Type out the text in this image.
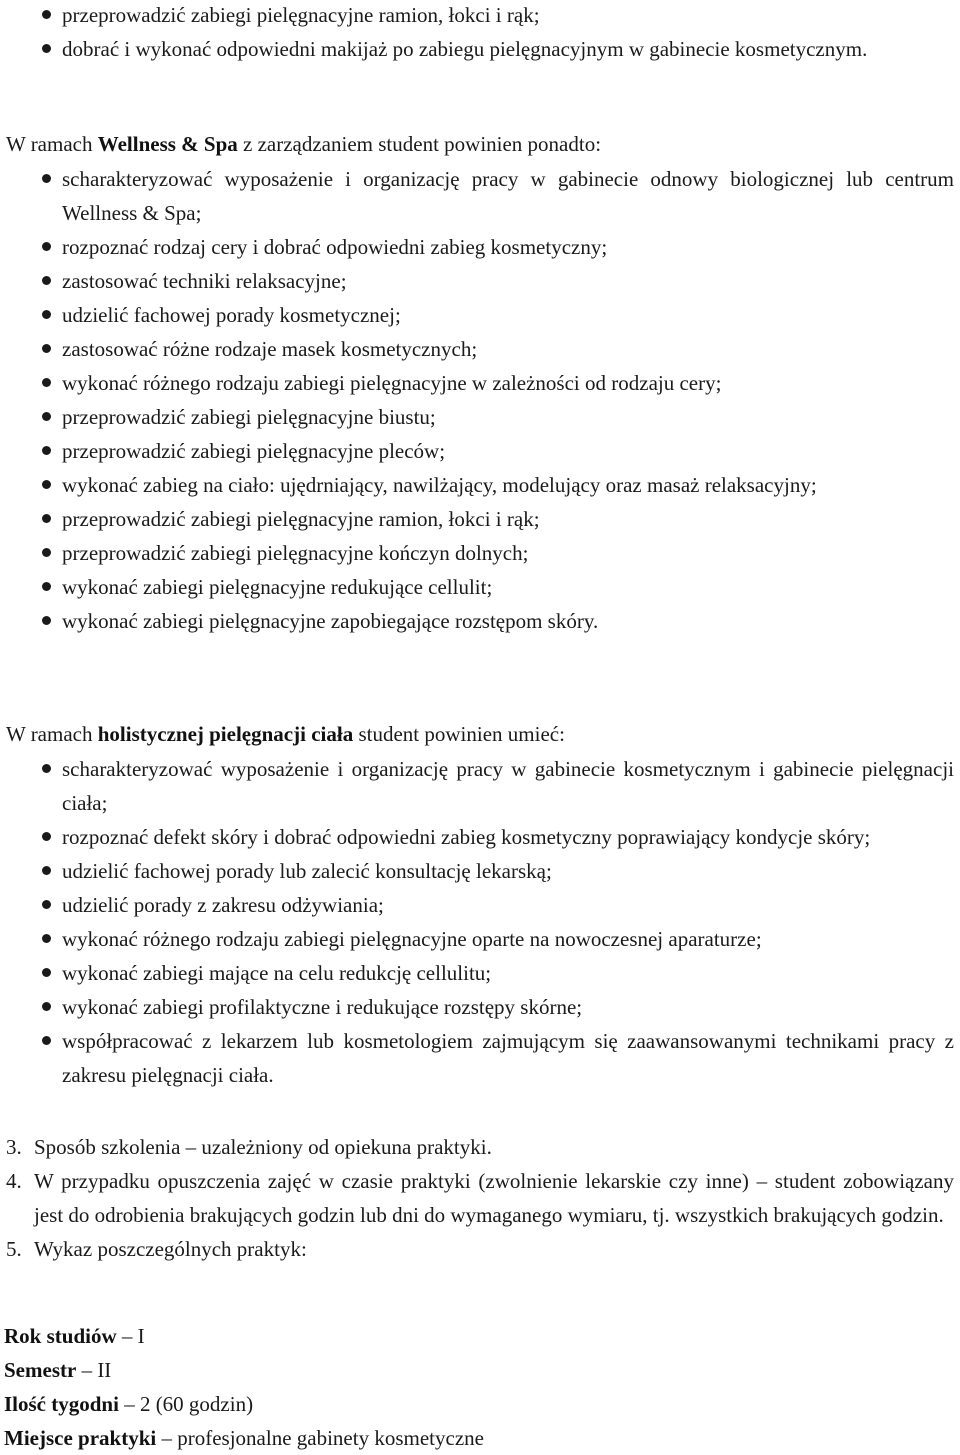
przeprowadzić zabiegi pielęgnacyjne ramion, łokci i rąk;
dobrać i wykonać odpowiedni makijaż po zabiegu pielęgnacyjnym w gabinecie kosmetycznym.
W ramach Wellness & Spa z zarządzaniem student powinien ponadto:
scharakteryzować wyposażenie i organizację pracy w gabinecie odnowy biologicznej lub centrum Wellness & Spa;
rozpoznać rodzaj cery i dobrać odpowiedni zabieg kosmetyczny;
zastosować techniki relaksacyjne;
udzielić fachowej porady kosmetycznej;
zastosować różne rodzaje masek kosmetycznych;
wykonać różnego rodzaju zabiegi pielęgnacyjne w zależności od rodzaju cery;
przeprowadzić zabiegi pielęgnacyjne biustu;
przeprowadzić zabiegi pielęgnacyjne pleców;
wykonać zabieg na ciało: ujędrniający, nawilżający, modelujący oraz masaż relaksacyjny;
przeprowadzić zabiegi pielęgnacyjne ramion, łokci i rąk;
przeprowadzić zabiegi pielęgnacyjne kończyn dolnych;
wykonać zabiegi pielęgnacyjne redukujące cellulit;
wykonać zabiegi pielęgnacyjne zapobiegające rozstępom skóry.
W ramach holistycznej pielęgnacji ciała student powinien umieć:
scharakteryzować wyposażenie i organizację pracy w gabinecie kosmetycznym i gabinecie pielęgnacji ciała;
rozpoznać defekt skóry i dobrać odpowiedni zabieg kosmetyczny poprawiający kondycje skóry;
udzielić fachowej porady lub zalecić konsultację lekarską;
udzielić porady z zakresu odżywiania;
wykonać różnego rodzaju zabiegi pielęgnacyjne oparte na nowoczesnej aparaturze;
wykonać zabiegi mające na celu redukcję cellulitu;
wykonać zabiegi profilaktyczne i redukujące rozstępy skórne;
współpracować z lekarzem lub kosmetologiem zajmującym się zaawansowanymi technikami pracy z zakresu pielęgnacji ciała.
3. Sposób szkolenia – uzależniony od opiekuna praktyki.
4. W przypadku opuszczenia zajęć w czasie praktyki (zwolnienie lekarskie czy inne) – student zobowiązany jest do odrobienia brakujących godzin lub dni do wymaganego wymiaru, tj. wszystkich brakujących godzin.
5. Wykaz poszczególnych praktyk:
Rok studiów – I
Semestr – II
Ilość tygodni – 2 (60 godzin)
Miejsce praktyki – profesjonalne gabinety kosmetyczne
